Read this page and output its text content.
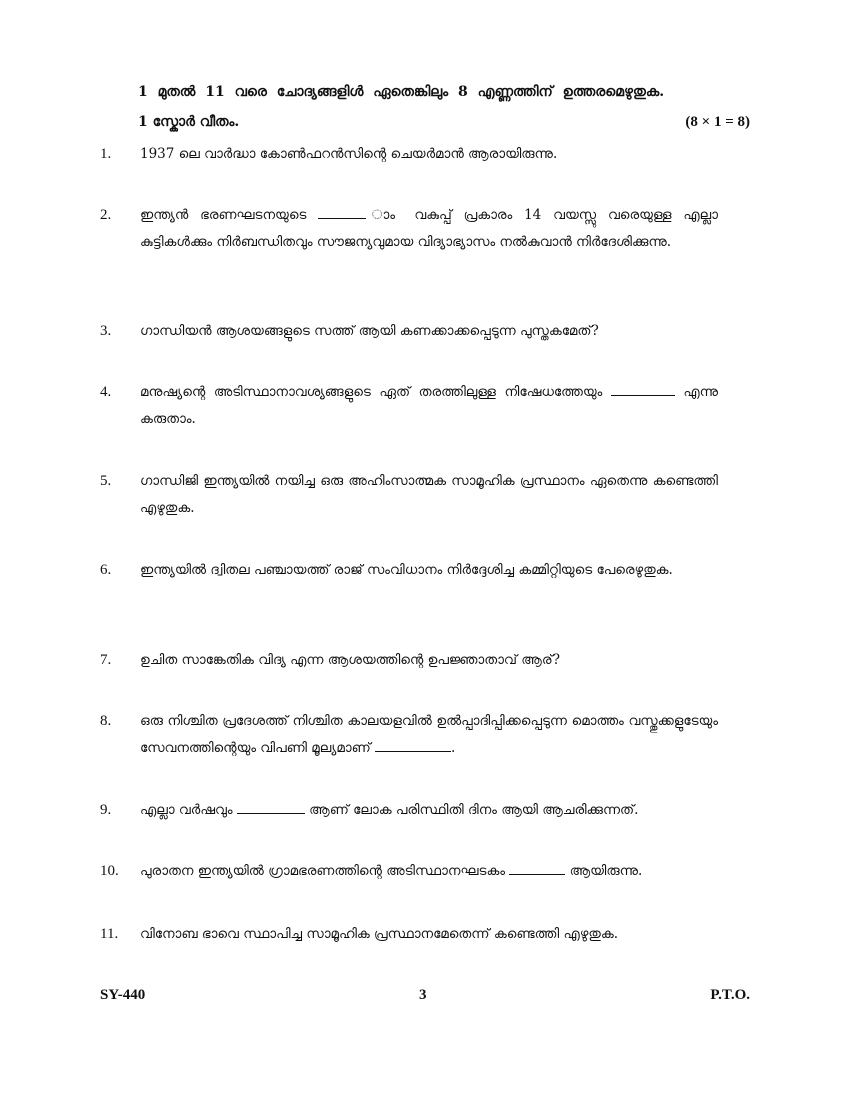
1 മുതൽ 11 വരെ ചോദ്യങ്ങളിൾ ഏതെങ്കിലും 8 എണ്ണത്തിന് ഉത്തരമെഴുതുക.
1 സ്കോർ വീതം.	(8 × 1 = 8)
1. 1937 ലെ വാർദ്ധാ കോൺഫറൻസിന്റെ ചെയർമാൻ ആരായിരുന്നു.
2. ഇന്ത്യൻ ഭരണഘടനയുടെ	ാം വകുപ്പ് പ്രകാരം 14 വയസ്സു വരെയുള്ള എല്ലാ കുട്ടികൾക്കും നിർബന്ധിതവും സൗജന്യവുമായ വിദ്യാഭ്യാസം നൽകുവാൻ നിർദേശിക്കുന്നു.
3. ഗാന്ധിയൻ ആശയങ്ങളുടെ സത്ത് ആയി കണക്കാക്കപ്പെടുന്ന പുസ്തകമേത്?
4. മനുഷ്യന്റെ അടിസ്ഥാനാവശ്യങ്ങളുടെ ഏത് തരത്തിലുള്ള നിഷേധത്തേയും	എന്നു കരുതാം.
5. ഗാന്ധിജി ഇന്ത്യയിൽ നയിച്ച ഒരു അഹിംസാത്മക സാമൂഹിക പ്രസ്ഥാനം ഏതെന്നു കണ്ടെത്തി എഴുതുക.
6. ഇന്ത്യയിൽ ദ്വിതല പഞ്ചായത്ത് രാജ് സംവിധാനം നിർദ്ദേശിച്ച കമ്മിറ്റിയുടെ പേരെഴുതുക.
7. ഉചിത സാങ്കേതിക വിദ്യ എന്ന ആശയത്തിന്റെ ഉപജ്ഞാതാവ് ആര്?
8. ഒരു നിശ്ചിത പ്രദേശത്ത് നിശ്ചിത കാലയളവിൽ ഉൽപ്പാദിപ്പിക്കപ്പെടുന്ന മൊത്തം വസ്തുക്കളുടേയും സേവനത്തിന്റെയും വിപണി മൂല്യമാണ്	.
9. എല്ലാ വർഷവും	ആണ് ലോക പരിസ്ഥിതി ദിനം ആയി ആചരിക്കുന്നത്.
10. പുരാതന ഇന്ത്യയിൽ ഗ്രാമഭരണത്തിന്റെ അടിസ്ഥാനഘടകം	ആയിരുന്നു.
11. വിനോബ ഭാവെ സ്ഥാപിച്ച സാമൂഹിക പ്രസ്ഥാനമേതെന്ന് കണ്ടെത്തി എഴുതുക.
SY-440	3	P.T.O.
